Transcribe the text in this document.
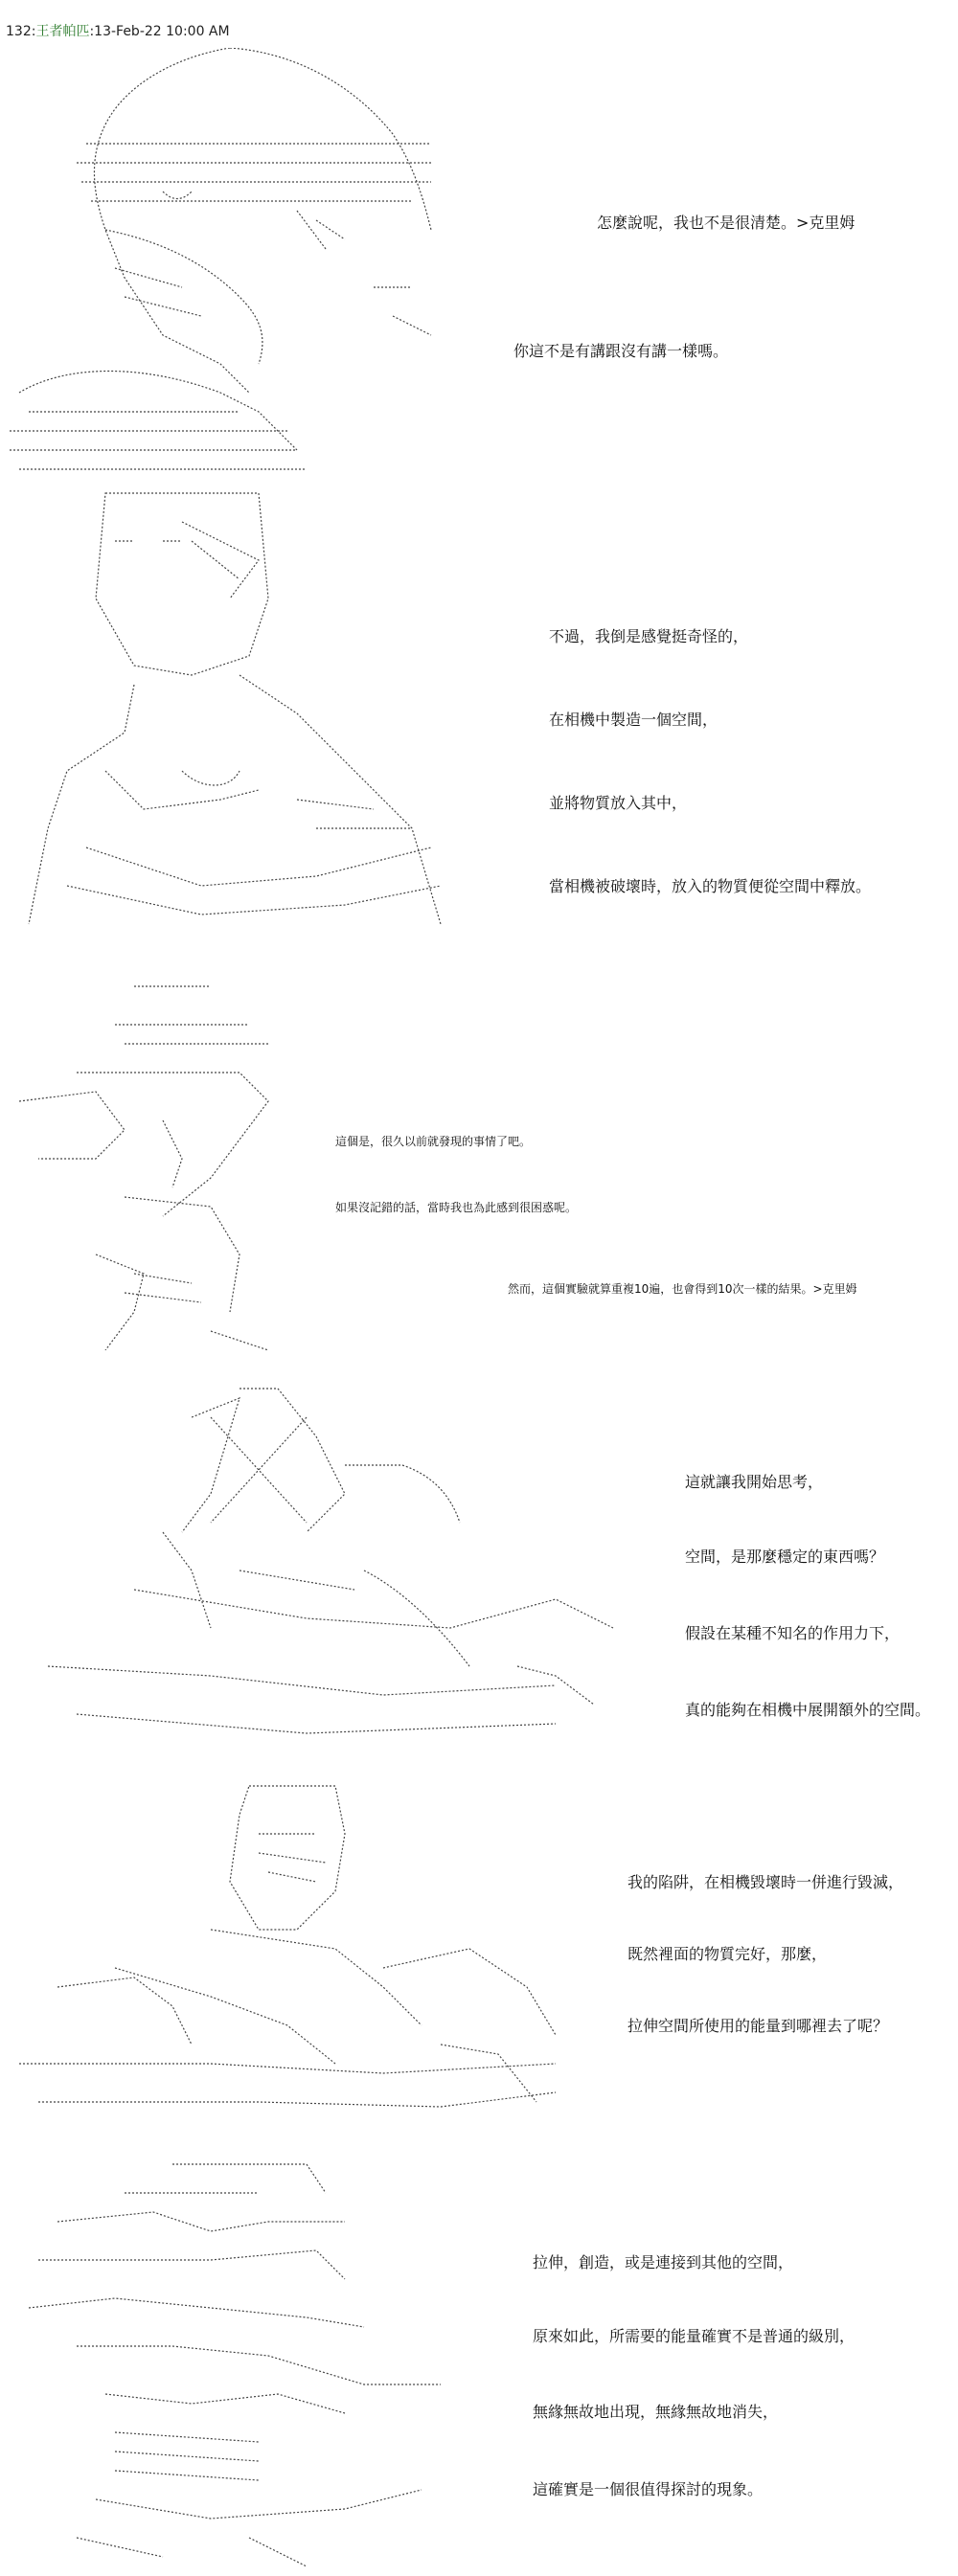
132:王者帕匹:13-Feb-22 10:00 AM
怎麼說呢，我也不是很清楚。>克里姆
你這不是有講跟沒有講一樣嗎。
不過，我倒是感覺挺奇怪的，
在相機中製造一個空間，
並將物質放入其中，
當相機被破壞時，放入的物質便從空間中釋放。
這個是，很久以前就發現的事情了吧。
如果沒記錯的話，當時我也為此感到很困惑呢。
然而，這個實驗就算重複10遍，也會得到10次一樣的結果。>克里姆
這就讓我開始思考，
空間，是那麼穩定的東西嗎？
假設在某種不知名的作用力下，
真的能夠在相機中展開額外的空間。
我的陷阱，在相機毀壞時一併進行毀滅，
既然裡面的物質完好，那麼，
拉伸空間所使用的能量到哪裡去了呢？
拉伸，創造，或是連接到其他的空間，
原來如此，所需要的能量確實不是普通的級別，
無緣無故地出現，無緣無故地消失，
這確實是一個很值得探討的現象。
